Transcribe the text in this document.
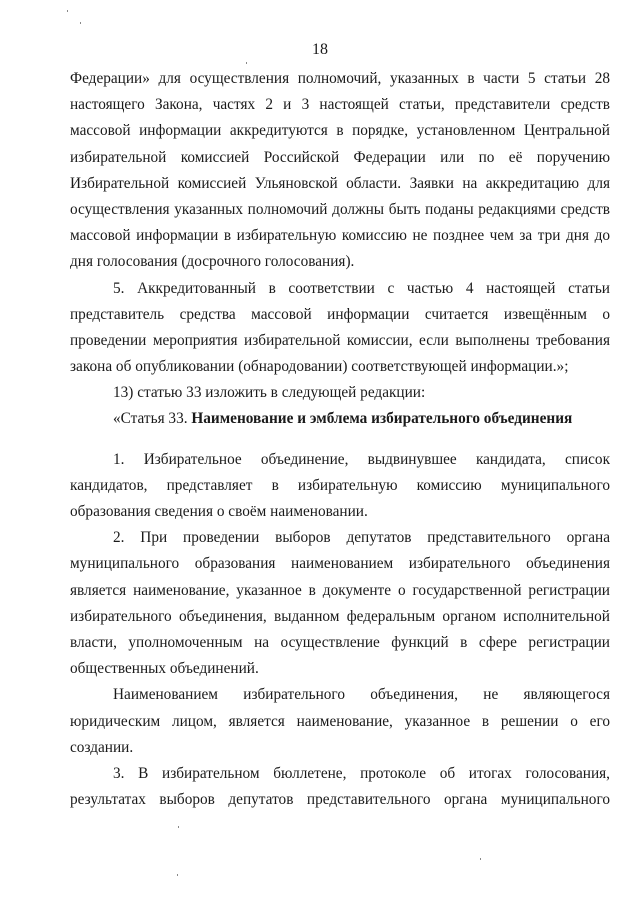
18
Федерации» для осуществления полномочий, указанных в части 5 статьи 28
настоящего Закона, частях 2 и 3 настоящей статьи, представители средств
массовой информации аккредитуются в порядке, установленном Центральной
избирательной комиссией Российской Федерации или по её поручению
Избирательной комиссией Ульяновской области. Заявки на аккредитацию для
осуществления указанных полномочий должны быть поданы редакциями средств
массовой информации в избирательную комиссию не позднее чем за три дня до
дня голосования (досрочного голосования).
5. Аккредитованный в соответствии с частью 4 настоящей статьи
представитель средства массовой информации считается извещённым о
проведении мероприятия избирательной комиссии, если выполнены требования
закона об опубликовании (обнародовании) соответствующей информации.»;
13) статью 33 изложить в следующей редакции:
«Статья 33. Наименование и эмблема избирательного объединения
1. Избирательное объединение, выдвинувшее кандидата, список
кандидатов, представляет в избирательную комиссию муниципального
образования сведения о своём наименовании.
2. При проведении выборов депутатов представительного органа
муниципального образования наименованием избирательного объединения
является наименование, указанное в документе о государственной регистрации
избирательного объединения, выданном федеральным органом исполнительной
власти, уполномоченным на осуществление функций в сфере регистрации
общественных объединений.
Наименованием избирательного объединения, не являющегося
юридическим лицом, является наименование, указанное в решении о его
создании.
3. В избирательном бюллетене, протоколе об итогах голосования,
результатах выборов депутатов представительного органа муниципального
